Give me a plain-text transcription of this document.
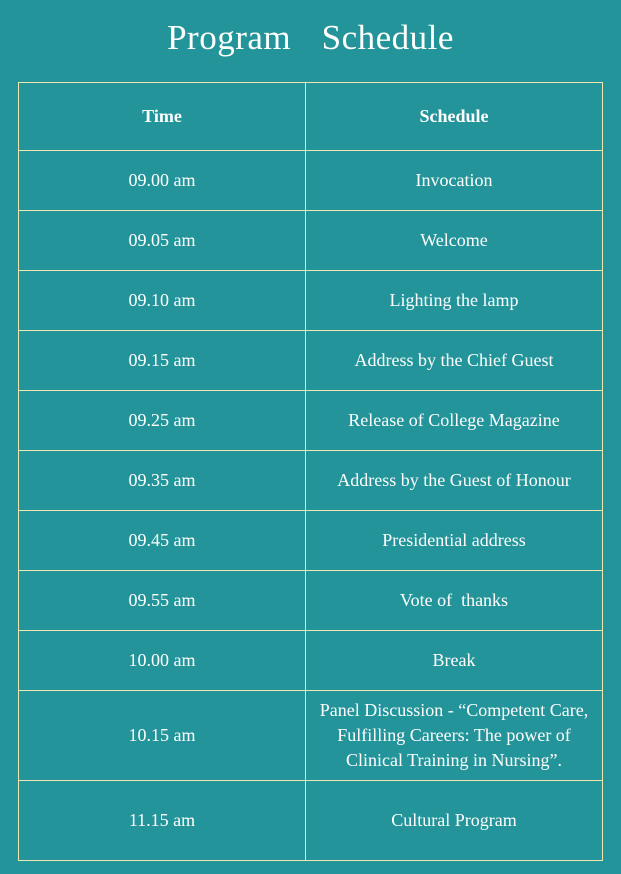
Program  Schedule
Time	Schedule
09.00 am	Invocation
09.05 am	Welcome
09.10 am	Lighting the lamp
09.15 am	Address by the Chief Guest
09.25 am	Release of College Magazine
09.35 am	Address by the Guest of Honour
09.45 am	Presidential address
09.55 am	Vote of  thanks
10.00 am	Break
10.15 am	Panel Discussion - “Competent Care, Fulfilling Careers: The power of Clinical Training in Nursing”.
11.15 am	Cultural Program
